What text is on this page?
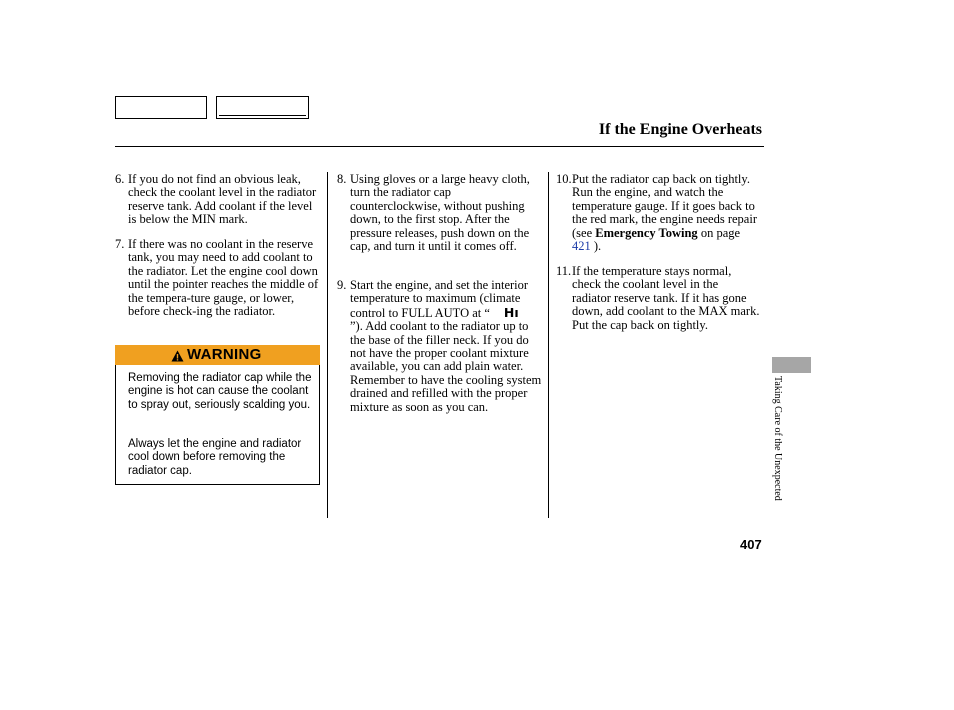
If the Engine Overheats
6. If you do not find an obvious leak, check the coolant level in the radiator reserve tank. Add coolant if the level is below the MIN mark.
7. If there was no coolant in the reserve tank, you may need to add coolant to the radiator. Let the engine cool down until the pointer reaches the middle of the tempera-ture gauge, or lower, before check-ing the radiator.
WARNING

Removing the radiator cap while the engine is hot can cause the coolant to spray out, seriously scalding you.

Always let the engine and radiator cool down before removing the radiator cap.

8. Using gloves or a large heavy cloth, turn the radiator cap counterclockwise, without pushing down, to the first stop. After the pressure releases, push down on the cap, and turn it until it comes off.
9. Start the engine, and set the interior temperature to maximum (climate control to FULL AUTO at “ Hı”). Add coolant to the radiator up to the base of the filler neck. If you do not have the proper coolant mixture available, you can add plain water. Remember to have the cooling system drained and refilled with the proper mixture as soon as you can.
10. Put the radiator cap back on tightly. Run the engine, and watch the temperature gauge. If it goes back to the red mark, the engine needs repair (see Emergency Towing on page 421 ).
11. If the temperature stays normal, check the coolant level in the radiator reserve tank. If it has gone down, add coolant to the MAX mark. Put the cap back on tightly.
Taking Care of the Unexpected
407
